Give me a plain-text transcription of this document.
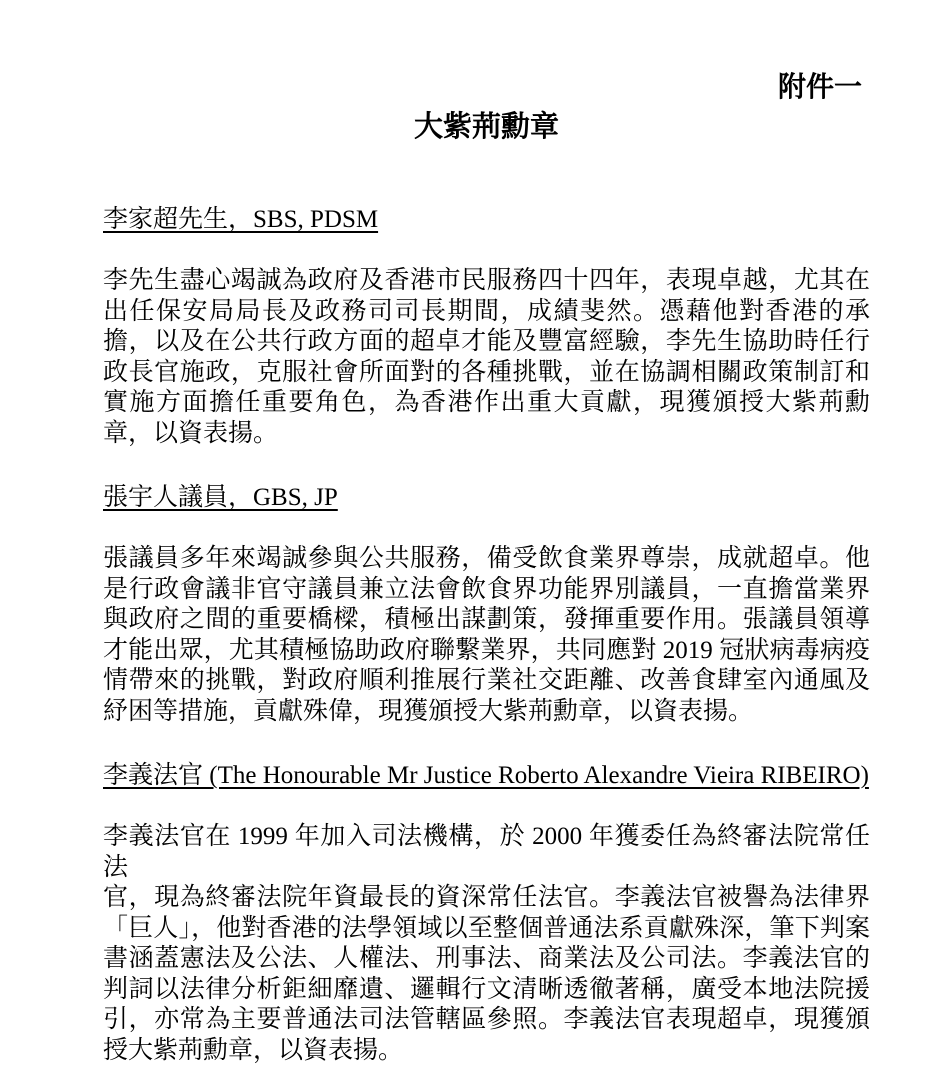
附件一
大紫荊勳章
李家超先生，SBS, PDSM
李先生盡心竭誠為政府及香港市民服務四十四年，表現卓越，尤其在
出任保安局局長及政務司司長期間，成績斐然。憑藉他對香港的承
擔，以及在公共行政方面的超卓才能及豐富經驗，李先生協助時任行
政長官施政，克服社會所面對的各種挑戰，並在協調相關政策制訂和
實施方面擔任重要角色，為香港作出重大貢獻，現獲頒授大紫荊勳
章，以資表揚。
張宇人議員，GBS, JP
張議員多年來竭誠參與公共服務，備受飲食業界尊崇，成就超卓。他
是行政會議非官守議員兼立法會飲食界功能界別議員，一直擔當業界
與政府之間的重要橋樑，積極出謀劃策，發揮重要作用。張議員領導
才能出眾，尤其積極協助政府聯繫業界，共同應對 2019 冠狀病毒病疫
情帶來的挑戰，對政府順利推展行業社交距離、改善食肆室內通風及
紓困等措施，貢獻殊偉，現獲頒授大紫荊勳章，以資表揚。
李義法官 (The Honourable Mr Justice Roberto Alexandre Vieira RIBEIRO)
李義法官在 1999 年加入司法機構，於 2000 年獲委任為終審法院常任法
官，現為終審法院年資最長的資深常任法官。李義法官被譽為法律界
「巨人」，他對香港的法學領域以至整個普通法系貢獻殊深，筆下判案
書涵蓋憲法及公法、人權法、刑事法、商業法及公司法。李義法官的
判詞以法律分析鉅細靡遺、邏輯行文清晰透徹著稱，廣受本地法院援
引，亦常為主要普通法司法管轄區參照。李義法官表現超卓，現獲頒
授大紫荊勳章，以資表揚。
